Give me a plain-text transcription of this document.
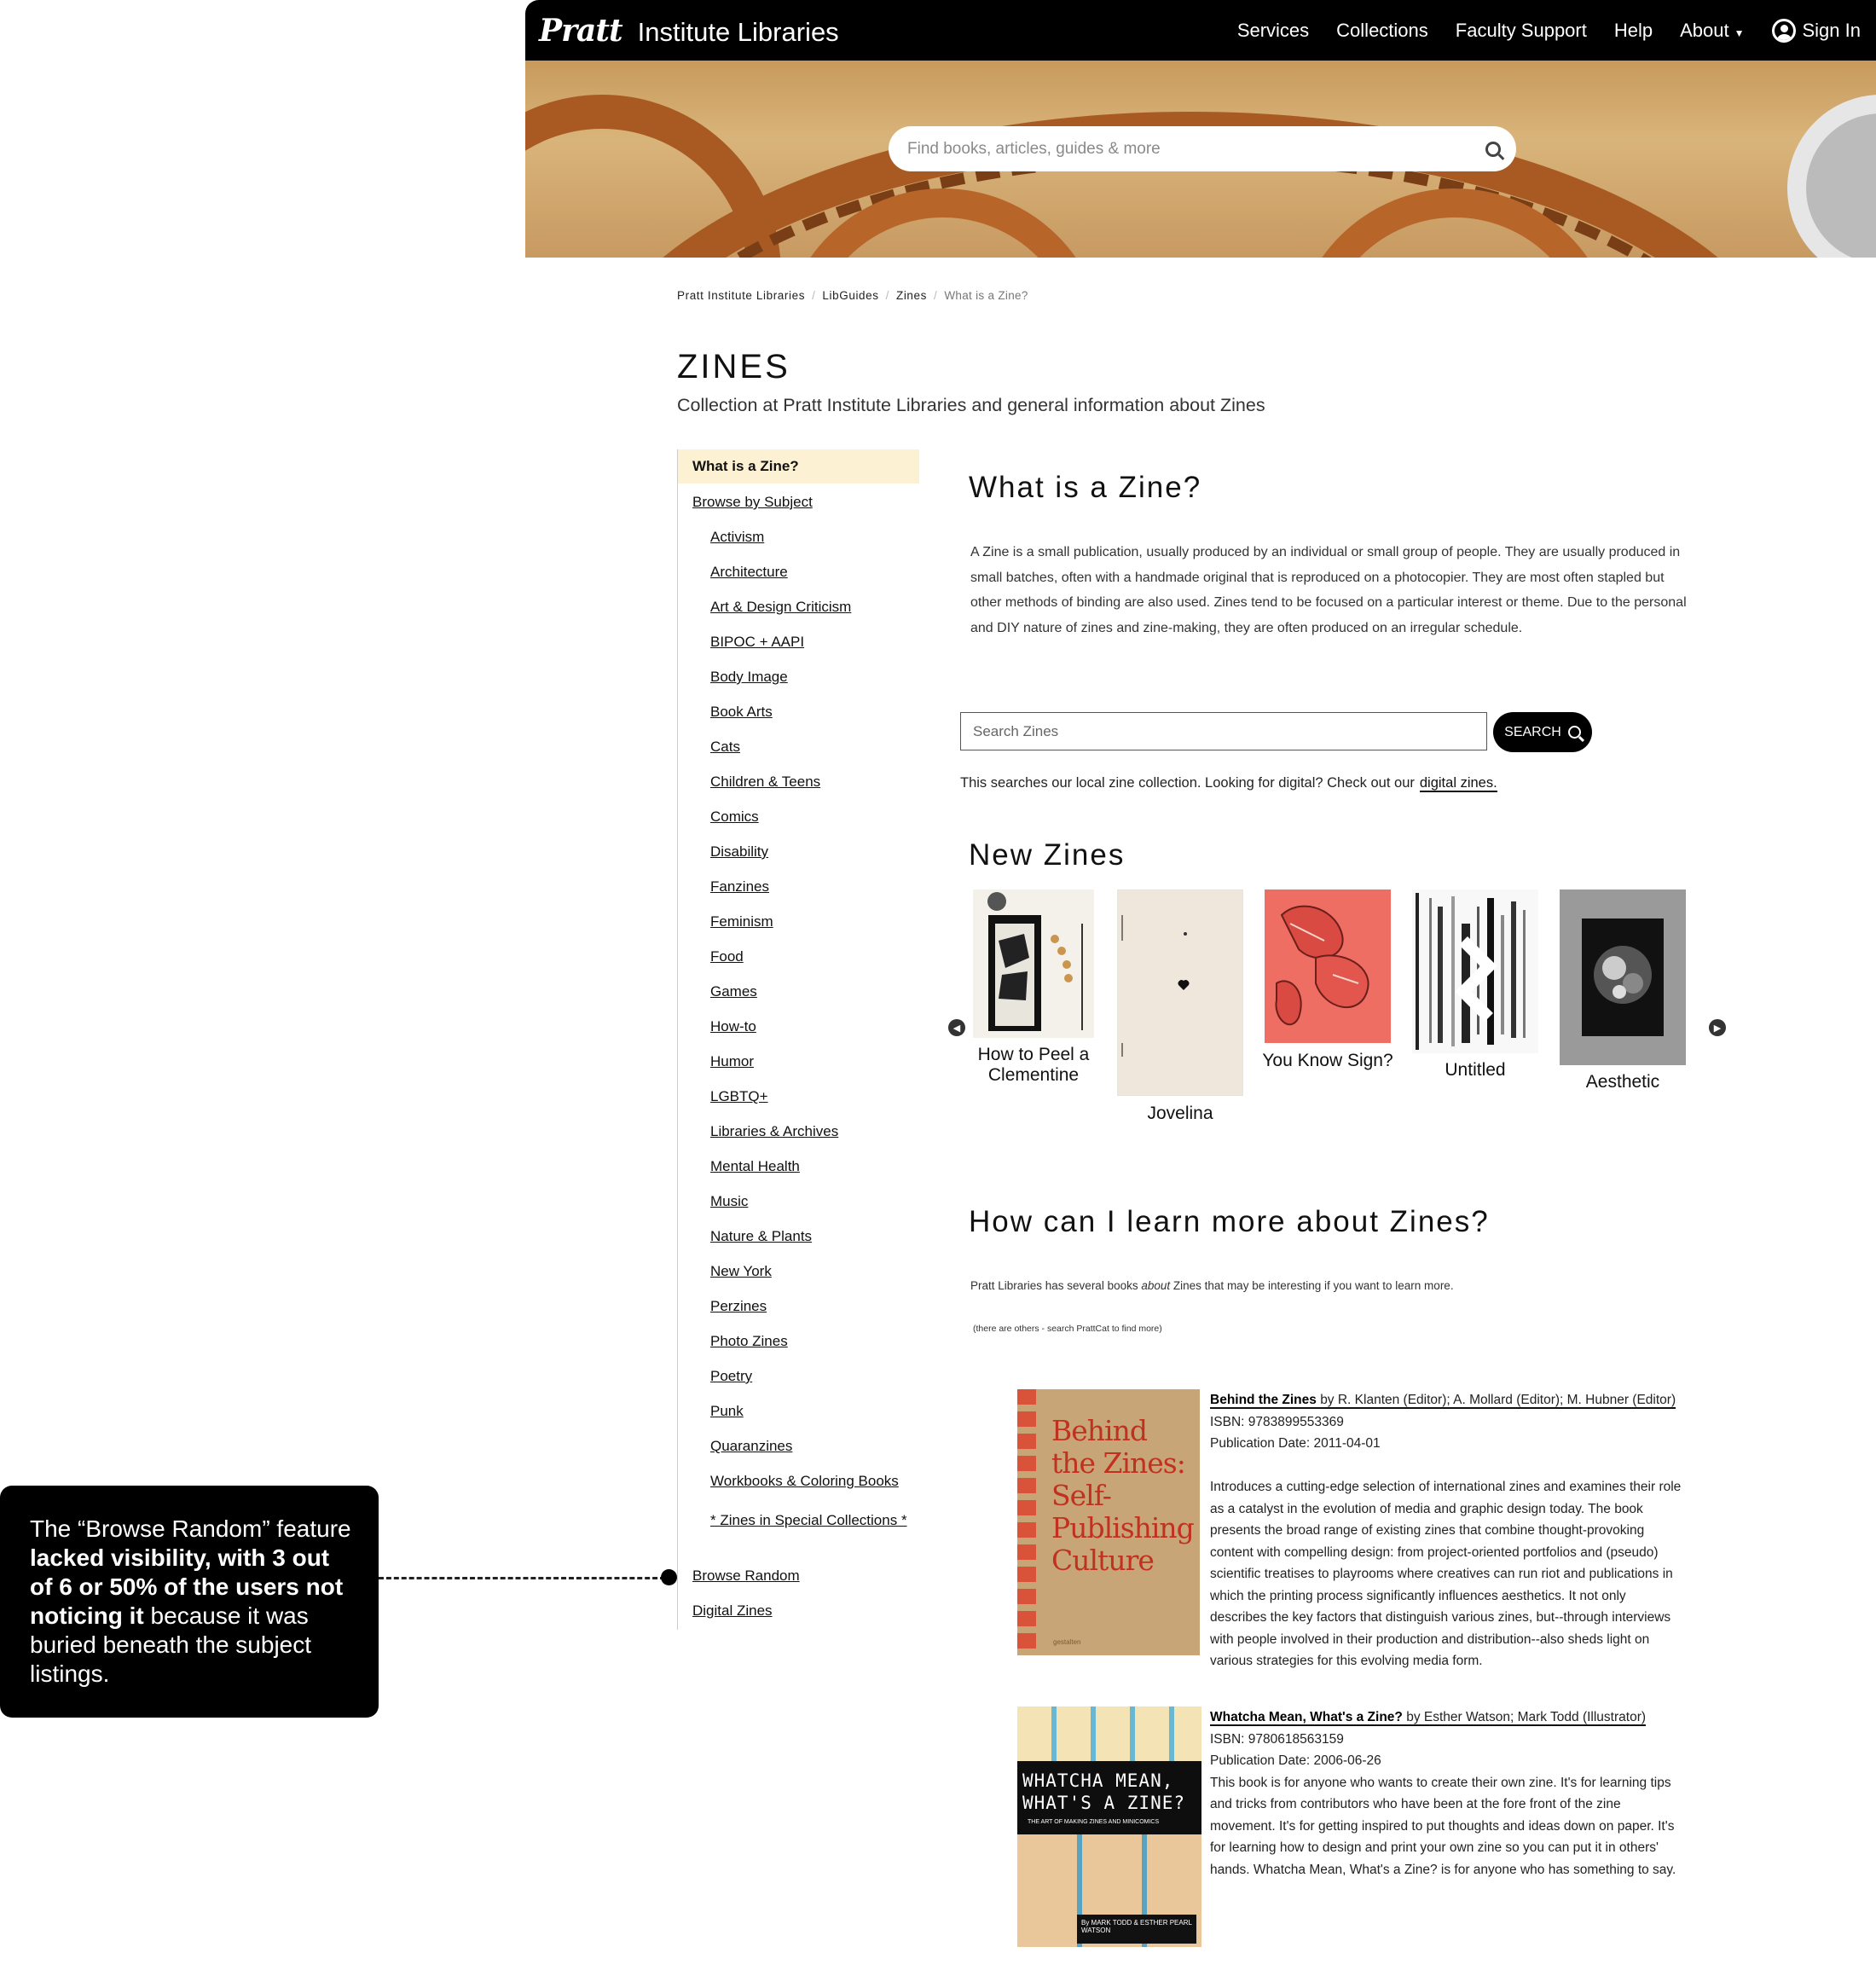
Pratt Institute Libraries	Services Collections Faculty Support Help About ▼	Sign In
Find books, articles, guides & more
Pratt Institute Libraries / LibGuides / Zines / What is a Zine?
ZINES
Collection at Pratt Institute Libraries and general information about Zines
What is a Zine?
Browse by Subject
Activism
Architecture
Art & Design Criticism
BIPOC + AAPI
Body Image
Book Arts
Cats
Children & Teens
Comics
Disability
Fanzines
Feminism
Food
Games
How-to
Humor
LGBTQ+
Libraries & Archives
Mental Health
Music
Nature & Plants
New York
Perzines
Photo Zines
Poetry
Punk
Quaranzines
Workbooks & Coloring Books
* Zines in Special Collections *
Browse Random
Digital Zines
What is a Zine?

A Zine is a small publication, usually produced by an individual or small group of people. They are usually produced in small batches, often with a handmade original that is reproduced on a photocopier. They are most often stapled but other methods of binding are also used. Zines tend to be focused on a particular interest or theme. Due to the personal and DIY nature of zines and zine-making, they are often produced on an irregular schedule.

Search Zines
SEARCH
This searches our local zine collection. Looking for digital? Check out our digital zines.
New Zines
◀	▶
How to Peel a Clementine
Jovelina
You Know Sign?	Untitled
Aesthetic
How can I learn more about Zines?

Pratt Libraries has several books about Zines that may be interesting if you want to learn more.

(there are others - search PrattCat to find more)

Behind the Zines: Self-Publishing Culture
gestalten
Behind the Zines by R. Klanten (Editor); A. Mollard (Editor); M. Hubner (Editor)
ISBN: 9783899553369
Publication Date: 2011-04-01
Introduces a cutting-edge selection of international zines and examines their role as a catalyst in the evolution of media and graphic design today. The book presents the broad range of existing zines that combine thought-provoking content with compelling design: from project-oriented portfolios and (pseudo) scientific treatises to playrooms where creatives can run riot and publications in which the printing process significantly influences aesthetics. It not only describes the key factors that distinguish various zines, but--through interviews with people involved in their production and distribution--also sheds light on various strategies for this evolving media form.
WHATCHA MEAN, WHAT'S A ZINE?
THE ART OF MAKING ZINES AND MINICOMICS
By MARK TODD & ESTHER PEARL WATSON
Whatcha Mean, What's a Zine? by Esther Watson; Mark Todd (Illustrator)
ISBN: 9780618563159
Publication Date: 2006-06-26
This book is for anyone who wants to create their own zine. It's for learning tips and tricks from contributors who have been at the fore front of the zine movement. It's for getting inspired to put thoughts and ideas down on paper. It's for learning how to design and print your own zine so you can put it in others' hands. Whatcha Mean, What's a Zine? is for anyone who has something to say.
The “Browse Random” feature lacked visibility, with 3 out of 6 or 50% of the users not noticing it because it was buried beneath the subject listings.
